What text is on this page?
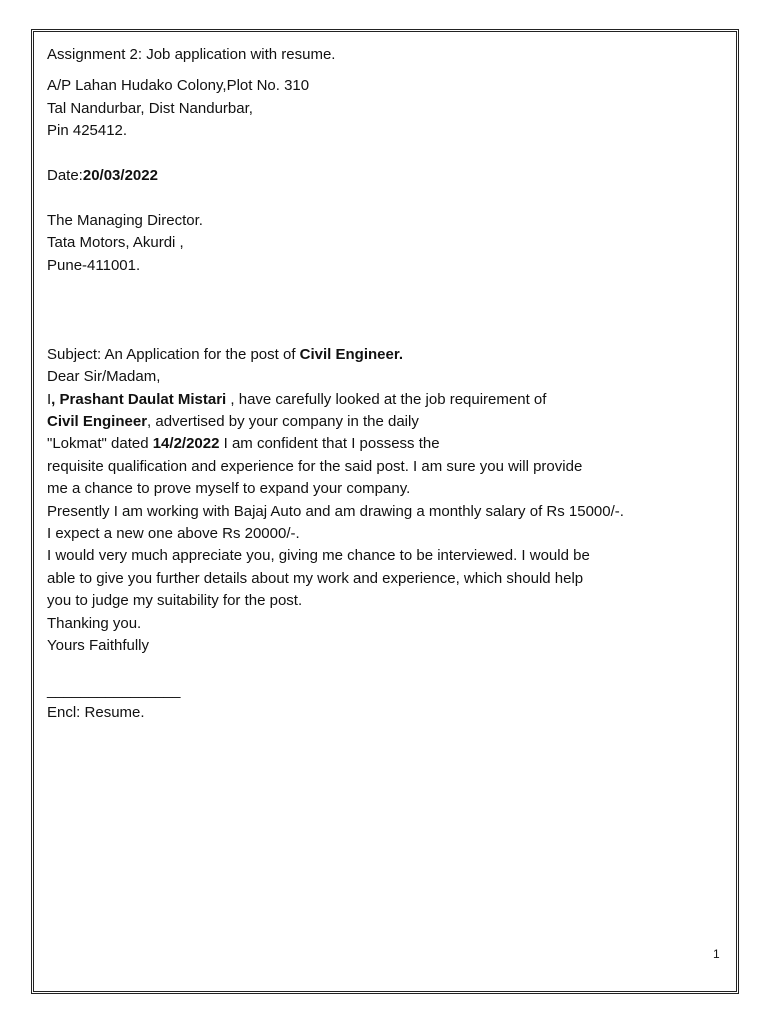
Assignment 2: Job application with resume.
A/P Lahan Hudako Colony,Plot No. 310
Tal Nandurbar, Dist Nandurbar,
Pin 425412.
Date:20/03/2022
The Managing Director.
Tata Motors, Akurdi ,
Pune-411001.
Subject: An Application for the post of Civil Engineer.
Dear Sir/Madam,
I, Prashant Daulat Mistari , have carefully looked at the job requirement of
Civil Engineer, advertised by your company in the daily
"Lokmat" dated 14/2/2022 I am confident that I possess the
requisite qualification and experience for the said post. I am sure you will provide
me a chance to prove myself to expand your company.
Presently I am working with Bajaj Auto and am drawing a monthly salary of Rs 15000/-.
I expect a new one above Rs 20000/-.
I would very much appreciate you, giving me chance to be interviewed. I would be
able to give you further details about my work and experience, which should help
you to judge my suitability for the post.
Thanking you.
Yours Faithfully
________________
Encl: Resume.
1
